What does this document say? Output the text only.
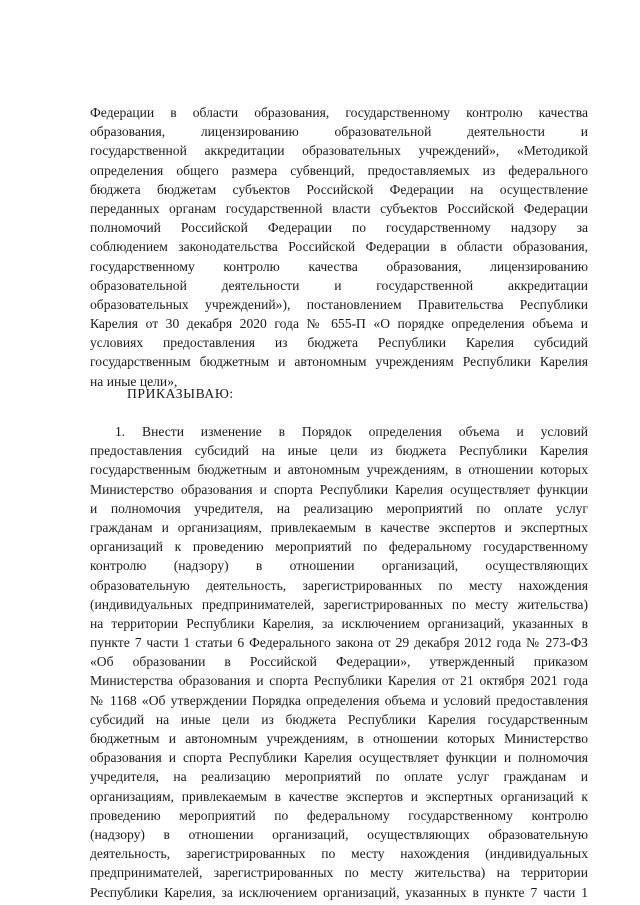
Федерации в области образования, государственному контролю качества
образования, лицензированию образовательной деятельности и
государственной аккредитации образовательных учреждений», «Методикой
определения общего размера субвенций, предоставляемых из федерального
бюджета бюджетам субъектов Российской Федерации на осуществление
переданных органам государственной власти субъектов Российской Федерации
полномочий Российской Федерации по государственному надзору за
соблюдением законодательства Российской Федерации в области образования,
государственному контролю качества образования, лицензированию
образовательной деятельности и государственной аккредитации
образовательных учреждений»), постановлением Правительства Республики
Карелия от 30 декабря 2020 года № 655-П «О порядке определения объема и
условиях предоставления из бюджета Республики Карелия субсидий
государственным бюджетным и автономным учреждениям Республики Карелия
на иные цели»,
ПРИКАЗЫВАЮ:
1. Внести изменение в Порядок определения объема и условий
предоставления субсидий на иные цели из бюджета Республики Карелия
государственным бюджетным и автономным учреждениям, в отношении которых
Министерство образования и спорта Республики Карелия осуществляет функции
и полномочия учредителя, на реализацию мероприятий по оплате услуг
гражданам и организациям, привлекаемым в качестве экспертов и экспертных
организаций к проведению мероприятий по федеральному государственному
контролю (надзору) в отношении организаций, осуществляющих
образовательную деятельность, зарегистрированных по месту нахождения
(индивидуальных предпринимателей, зарегистрированных по месту жительства)
на территории Республики Карелия, за исключением организаций, указанных в
пункте 7 части 1 статьи 6 Федерального закона от 29 декабря 2012 года № 273-ФЗ
«Об образовании в Российской Федерации», утвержденный приказом
Министерства образования и спорта Республики Карелия от 21 октября 2021 года
№ 1168 «Об утверждении Порядка определения объема и условий предоставления
субсидий на иные цели из бюджета Республики Карелия государственным
бюджетным и автономным учреждениям, в отношении которых Министерство
образования и спорта Республики Карелия осуществляет функции и полномочия
учредителя, на реализацию мероприятий по оплате услуг гражданам и
организациям, привлекаемым в качестве экспертов и экспертных организаций к
проведению мероприятий по федеральному государственному контролю
(надзору) в отношении организаций, осуществляющих образовательную
деятельность, зарегистрированных по месту нахождения (индивидуальных
предпринимателей, зарегистрированных по месту жительства) на территории
Республики Карелия, за исключением организаций, указанных в пункте 7 части 1
